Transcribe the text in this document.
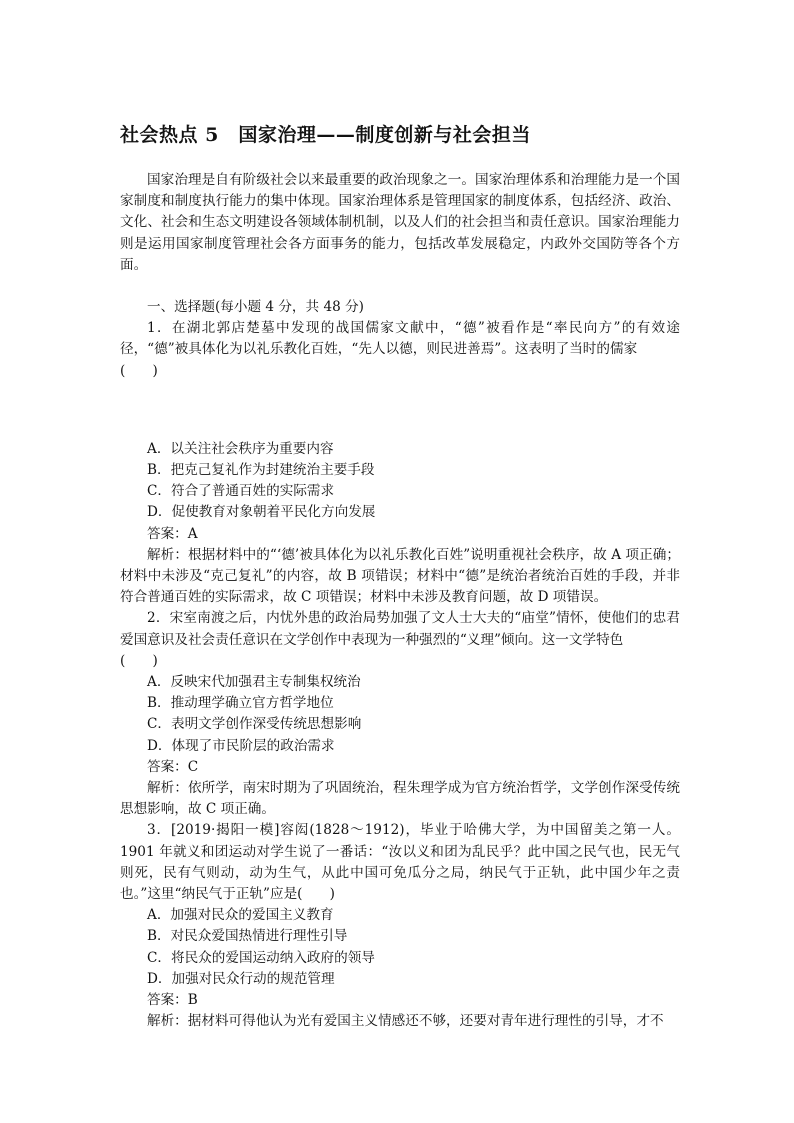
社会热点 5　国家治理——制度创新与社会担当

国家治理是自有阶级社会以来最重要的政治现象之一。国家治理体系和治理能力是一个国家制度和制度执行能力的集中体现。国家治理体系是管理国家的制度体系，包括经济、政治、文化、社会和生态文明建设各领域体制机制，以及人们的社会担当和责任意识。国家治理能力则是运用国家制度管理社会各方面事务的能力，包括改革发展稳定，内政外交国防等各个方面。

一、选择题(每小题 4 分，共 48 分)

1．在湖北郭店楚墓中发现的战国儒家文献中，“德”被看作是“率民向方”的有效途径，“德”被具体化为以礼乐教化百姓，“先人以德，则民进善焉”。这表明了当时的儒家

(　　)

A．以关注社会秩序为重要内容

B．把克己复礼作为封建统治主要手段

C．符合了普通百姓的实际需求

D．促使教育对象朝着平民化方向发展

答案：A

解析：根据材料中的“‘德’被具体化为以礼乐教化百姓”说明重视社会秩序，故 A 项正确；材料中未涉及“克己复礼”的内容，故 B 项错误；材料中“德”是统治者统治百姓的手段，并非符合普通百姓的实际需求，故 C 项错误；材料中未涉及教育问题，故 D 项错误。

2．宋室南渡之后，内忧外患的政治局势加强了文人士大夫的“庙堂”情怀，使他们的忠君爱国意识及社会责任意识在文学创作中表现为一种强烈的“义理”倾向。这一文学特色

(　　)

A．反映宋代加强君主专制集权统治

B．推动理学确立官方哲学地位

C．表明文学创作深受传统思想影响

D．体现了市民阶层的政治需求

答案：C

解析：依所学，南宋时期为了巩固统治，程朱理学成为官方统治哲学，文学创作深受传统思想影响，故 C 项正确。

3．[2019·揭阳一模]容闳(1828～1912)，毕业于哈佛大学，为中国留美之第一人。1901 年就义和团运动对学生说了一番话：“汝以义和团为乱民乎？此中国之民气也，民无气则死，民有气则动，动为生气，从此中国可免瓜分之局，纳民气于正轨，此中国少年之责也。”这里“纳民气于正轨”应是(　　)

A．加强对民众的爱国主义教育

B．对民众爱国热情进行理性引导

C．将民众的爱国运动纳入政府的领导

D．加强对民众行动的规范管理

答案：B

解析：据材料可得他认为光有爱国主义情感还不够，还要对青年进行理性的引导，才不
